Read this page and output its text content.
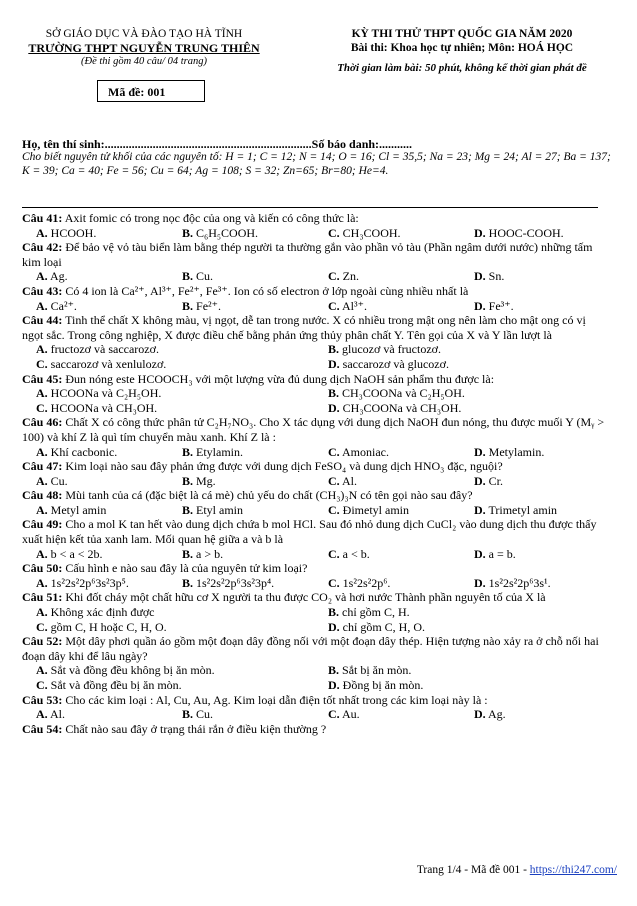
SỞ GIÁO DỤC VÀ ĐÀO TẠO HÀ TĨNH
TRƯỜNG THPT NGUYỄN TRUNG THIÊN
(Đề thi gồm 40 câu/ 04 trang)
KỲ THI THỬ THPT QUỐC GIA NĂM 2020
Bài thi: Khoa học tự nhiên; Môn: HOÁ HỌC
Thời gian làm bài: 50 phút, không kể thời gian phát đề
Mã đề: 001
Họ, tên thí sinh:.....................................................................Số báo danh:...........
Cho biết nguyên tử khối của các nguyên tố: H = 1; C = 12; N = 14; O = 16; Cl = 35,5; Na = 23; Mg = 24; Al = 27; Ba = 137; K = 39; Ca = 40; Fe = 56; Cu = 64; Ag = 108; S = 32; Zn=65; Br=80; He=4.
Câu 41: Axit fomic có trong nọc độc của ong và kiến có công thức là:
A. HCOOH.	B. C₆H₅COOH.	C. CH₃COOH.	D. HOOC-COOH.
Câu 42: Để bảo vệ vỏ tàu biển làm bằng thép người ta thường gắn vào phần vỏ tàu (Phần ngâm dưới nước) những tấm kim loại
A. Ag.	B. Cu.	C. Zn.	D. Sn.
Câu 43: Có 4 ion là Ca²⁺, Al³⁺, Fe²⁺, Fe³⁺. Ion có số electron ở lớp ngoài cùng nhiều nhất là
A. Ca²⁺.	B. Fe²⁺.	C. Al³⁺.	D. Fe³⁺.
Câu 44: Tinh thể chất X không màu, vị ngọt, dễ tan trong nước. X có nhiều trong mật ong nên làm cho mật ong có vị ngọt sắc. Trong công nghiệp, X được điều chế bằng phản ứng thủy phân chất Y. Tên gọi của X và Y lần lượt là
A. fructozơ và saccarozơ.	B. glucozơ và fructozơ.
C. saccarozơ và xenlulozơ.	D. saccarozơ và glucozơ.
Câu 45: Đun nóng este HCOOCH₃ với một lượng vừa đủ dung dịch NaOH sản phẩm thu được là:
A. HCOONa và C₂H₅OH.	B. CH₃COONa và C₂H₅OH.
C. HCOONa và CH₃OH.	D. CH₃COONa và CH₃OH.
Câu 46: Chất X có công thức phân tử C₂H₇NO₃. Cho X tác dụng với dung dịch NaOH đun nóng, thu được muối Y (Mᵧ > 100) và khí Z là quì tím chuyển màu xanh. Khí Z là :
A. Khí cacbonic.	B. Etylamin.	C. Amoniac.	D. Metylamin.
Câu 47: Kim loại nào sau đây phản ứng được với dung dịch FeSO₄ và dung dịch HNO₃ đặc, nguội?
A. Cu.	B. Mg.	C. Al.	D. Cr.
Câu 48: Mùi tanh của cá (đặc biệt là cá mè) chủ yếu do chất (CH₃)₃N có tên gọi nào sau đây?
A. Metyl amin	B. Etyl amin	C. Đimetyl amin	D. Trimetyl amin
Câu 49: Cho a mol K tan hết vào dung dịch chứa b mol HCl. Sau đó nhỏ dung dịch CuCl₂ vào dung dịch thu được thấy xuất hiện kết tủa xanh lam. Mối quan hệ giữa a và b là
A. b < a < 2b.	B. a > b.	C. a < b.	D. a = b.
Câu 50: Cấu hình e nào sau đây là của nguyên tử kim loại?
A. 1s²2s²2p⁶3s²3p⁵.	B. 1s²2s²2p⁶3s²3p⁴.	C. 1s²2s²2p⁶.	D. 1s²2s²2p⁶3s¹.
Câu 51: Khi đốt cháy một chất hữu cơ X người ta thu được CO₂ và hơi nước Thành phần nguyên tố của X là
A. Không xác định được	B. chỉ gồm C, H.
C. gồm C, H hoặc C, H, O.	D. chỉ gồm C, H, O.
Câu 52: Một dây phơi quần áo gồm một đoạn dây đồng nối với một đoạn dây thép. Hiện tượng nào xảy ra ở chỗ nối hai đoạn dây khi để lâu ngày?
A. Sắt và đồng đều không bị ăn mòn.	B. Sắt bị ăn mòn.
C. Sắt và đồng đều bị ăn mòn.	D. Đồng bị ăn mòn.
Câu 53: Cho các kim loại : Al, Cu, Au, Ag. Kim loại dẫn điện tốt nhất trong các kim loại này là :
A. Al.	B. Cu.	C. Au.	D. Ag.
Câu 54: Chất nào sau đây ở trạng thái rắn ở điều kiện thường ?
Trang 1/4 - Mã đề 001 - https://thi247.com/
